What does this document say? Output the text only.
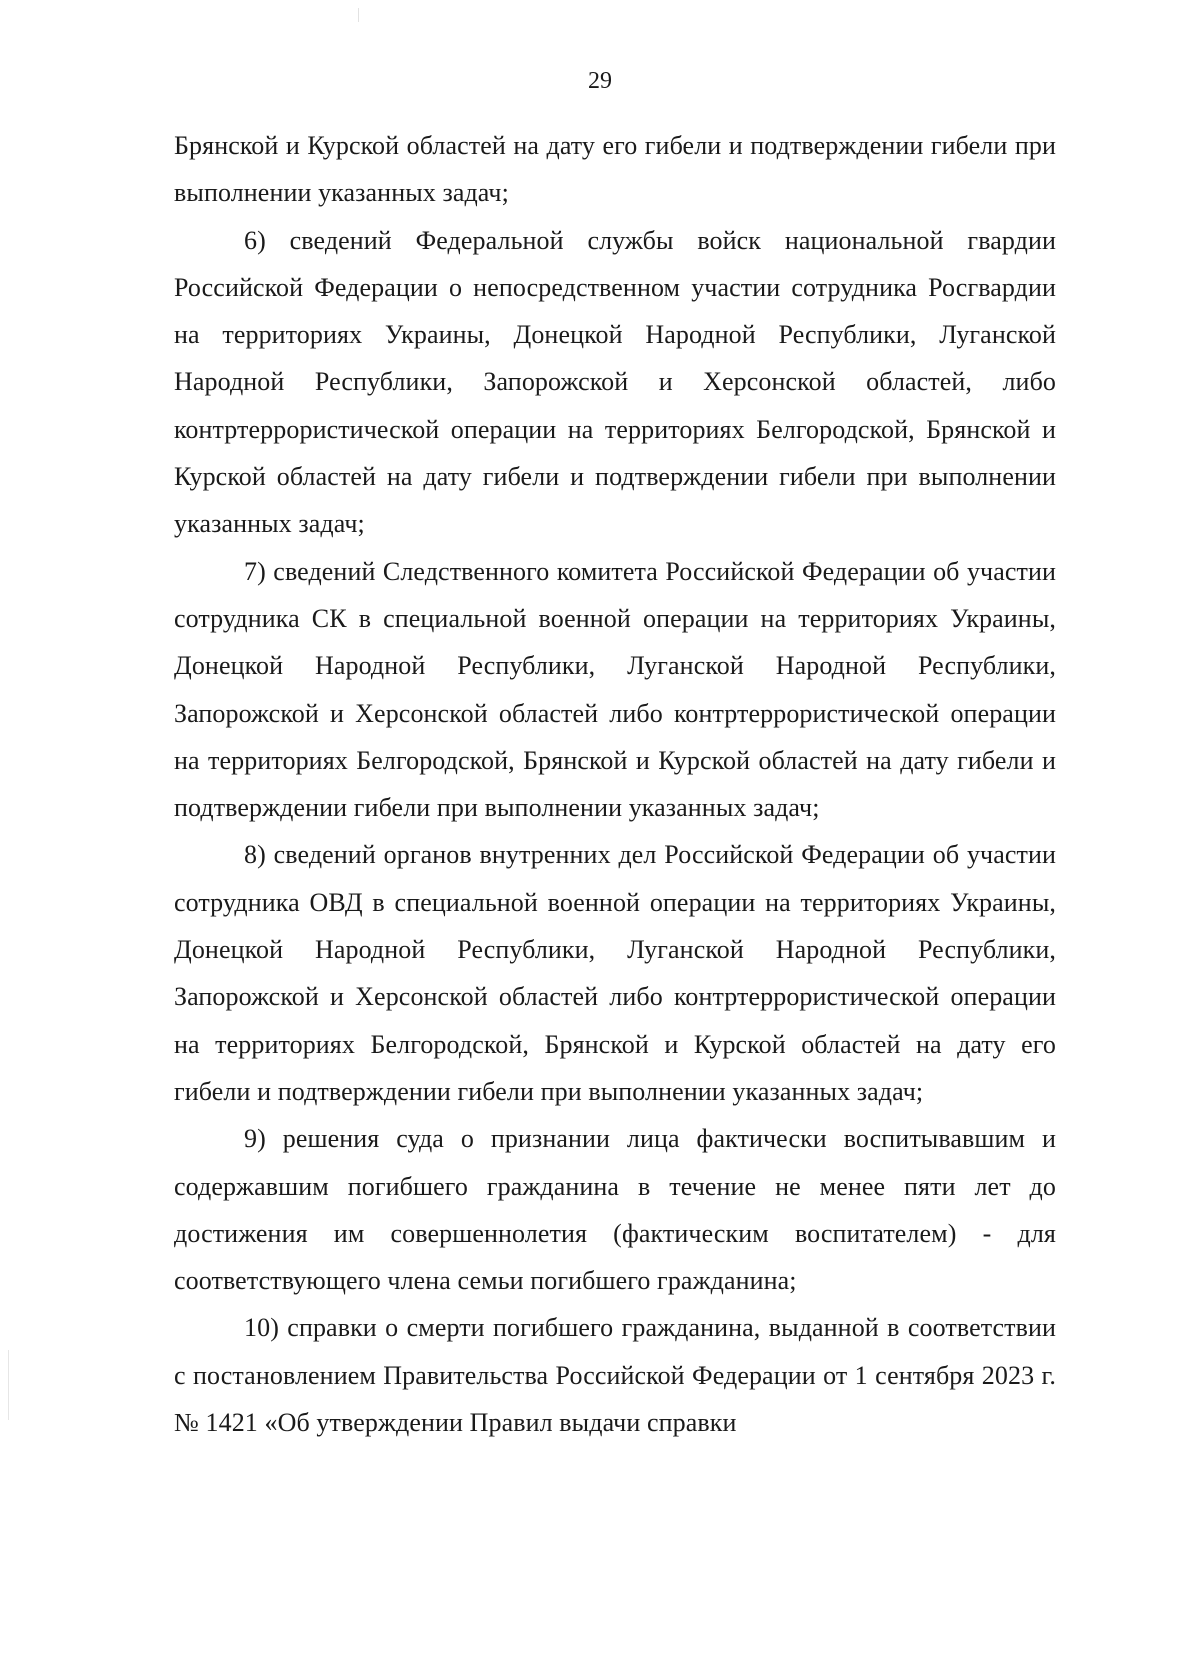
29

Брянской и Курской областей на дату его гибели и подтверждении гибели при выполнении указанных задач;

6) сведений Федеральной службы войск национальной гвардии Российской Федерации о непосредственном участии сотрудника Росгвардии на территориях Украины, Донецкой Народной Республики, Луганской Народной Республики, Запорожской и Херсонской областей, либо контртеррористической операции на территориях Белгородской, Брянской и Курской областей на дату гибели и подтверждении гибели при выполнении указанных задач;

7) сведений Следственного комитета Российской Федерации об участии сотрудника СК в специальной военной операции на территориях Украины, Донецкой Народной Республики, Луганской Народной Республики, Запорожской и Херсонской областей либо контртеррористической операции на территориях Белгородской, Брянской и Курской областей на дату гибели и подтверждении гибели при выполнении указанных задач;

8) сведений органов внутренних дел Российской Федерации об участии сотрудника ОВД в специальной военной операции на территориях Украины, Донецкой Народной Республики, Луганской Народной Республики, Запорожской и Херсонской областей либо контртеррористической операции на территориях Белгородской, Брянской и Курской областей на дату его гибели и подтверждении гибели при выполнении указанных задач;

9) решения суда о признании лица фактически воспитывавшим и содержавшим погибшего гражданина в течение не менее пяти лет до достижения им совершеннолетия (фактическим воспитателем) - для соответствующего члена семьи погибшего гражданина;

10) справки о смерти погибшего гражданина, выданной в соответствии с постановлением Правительства Российской Федерации от 1 сентября 2023 г. № 1421 «Об утверждении Правил выдачи справки
